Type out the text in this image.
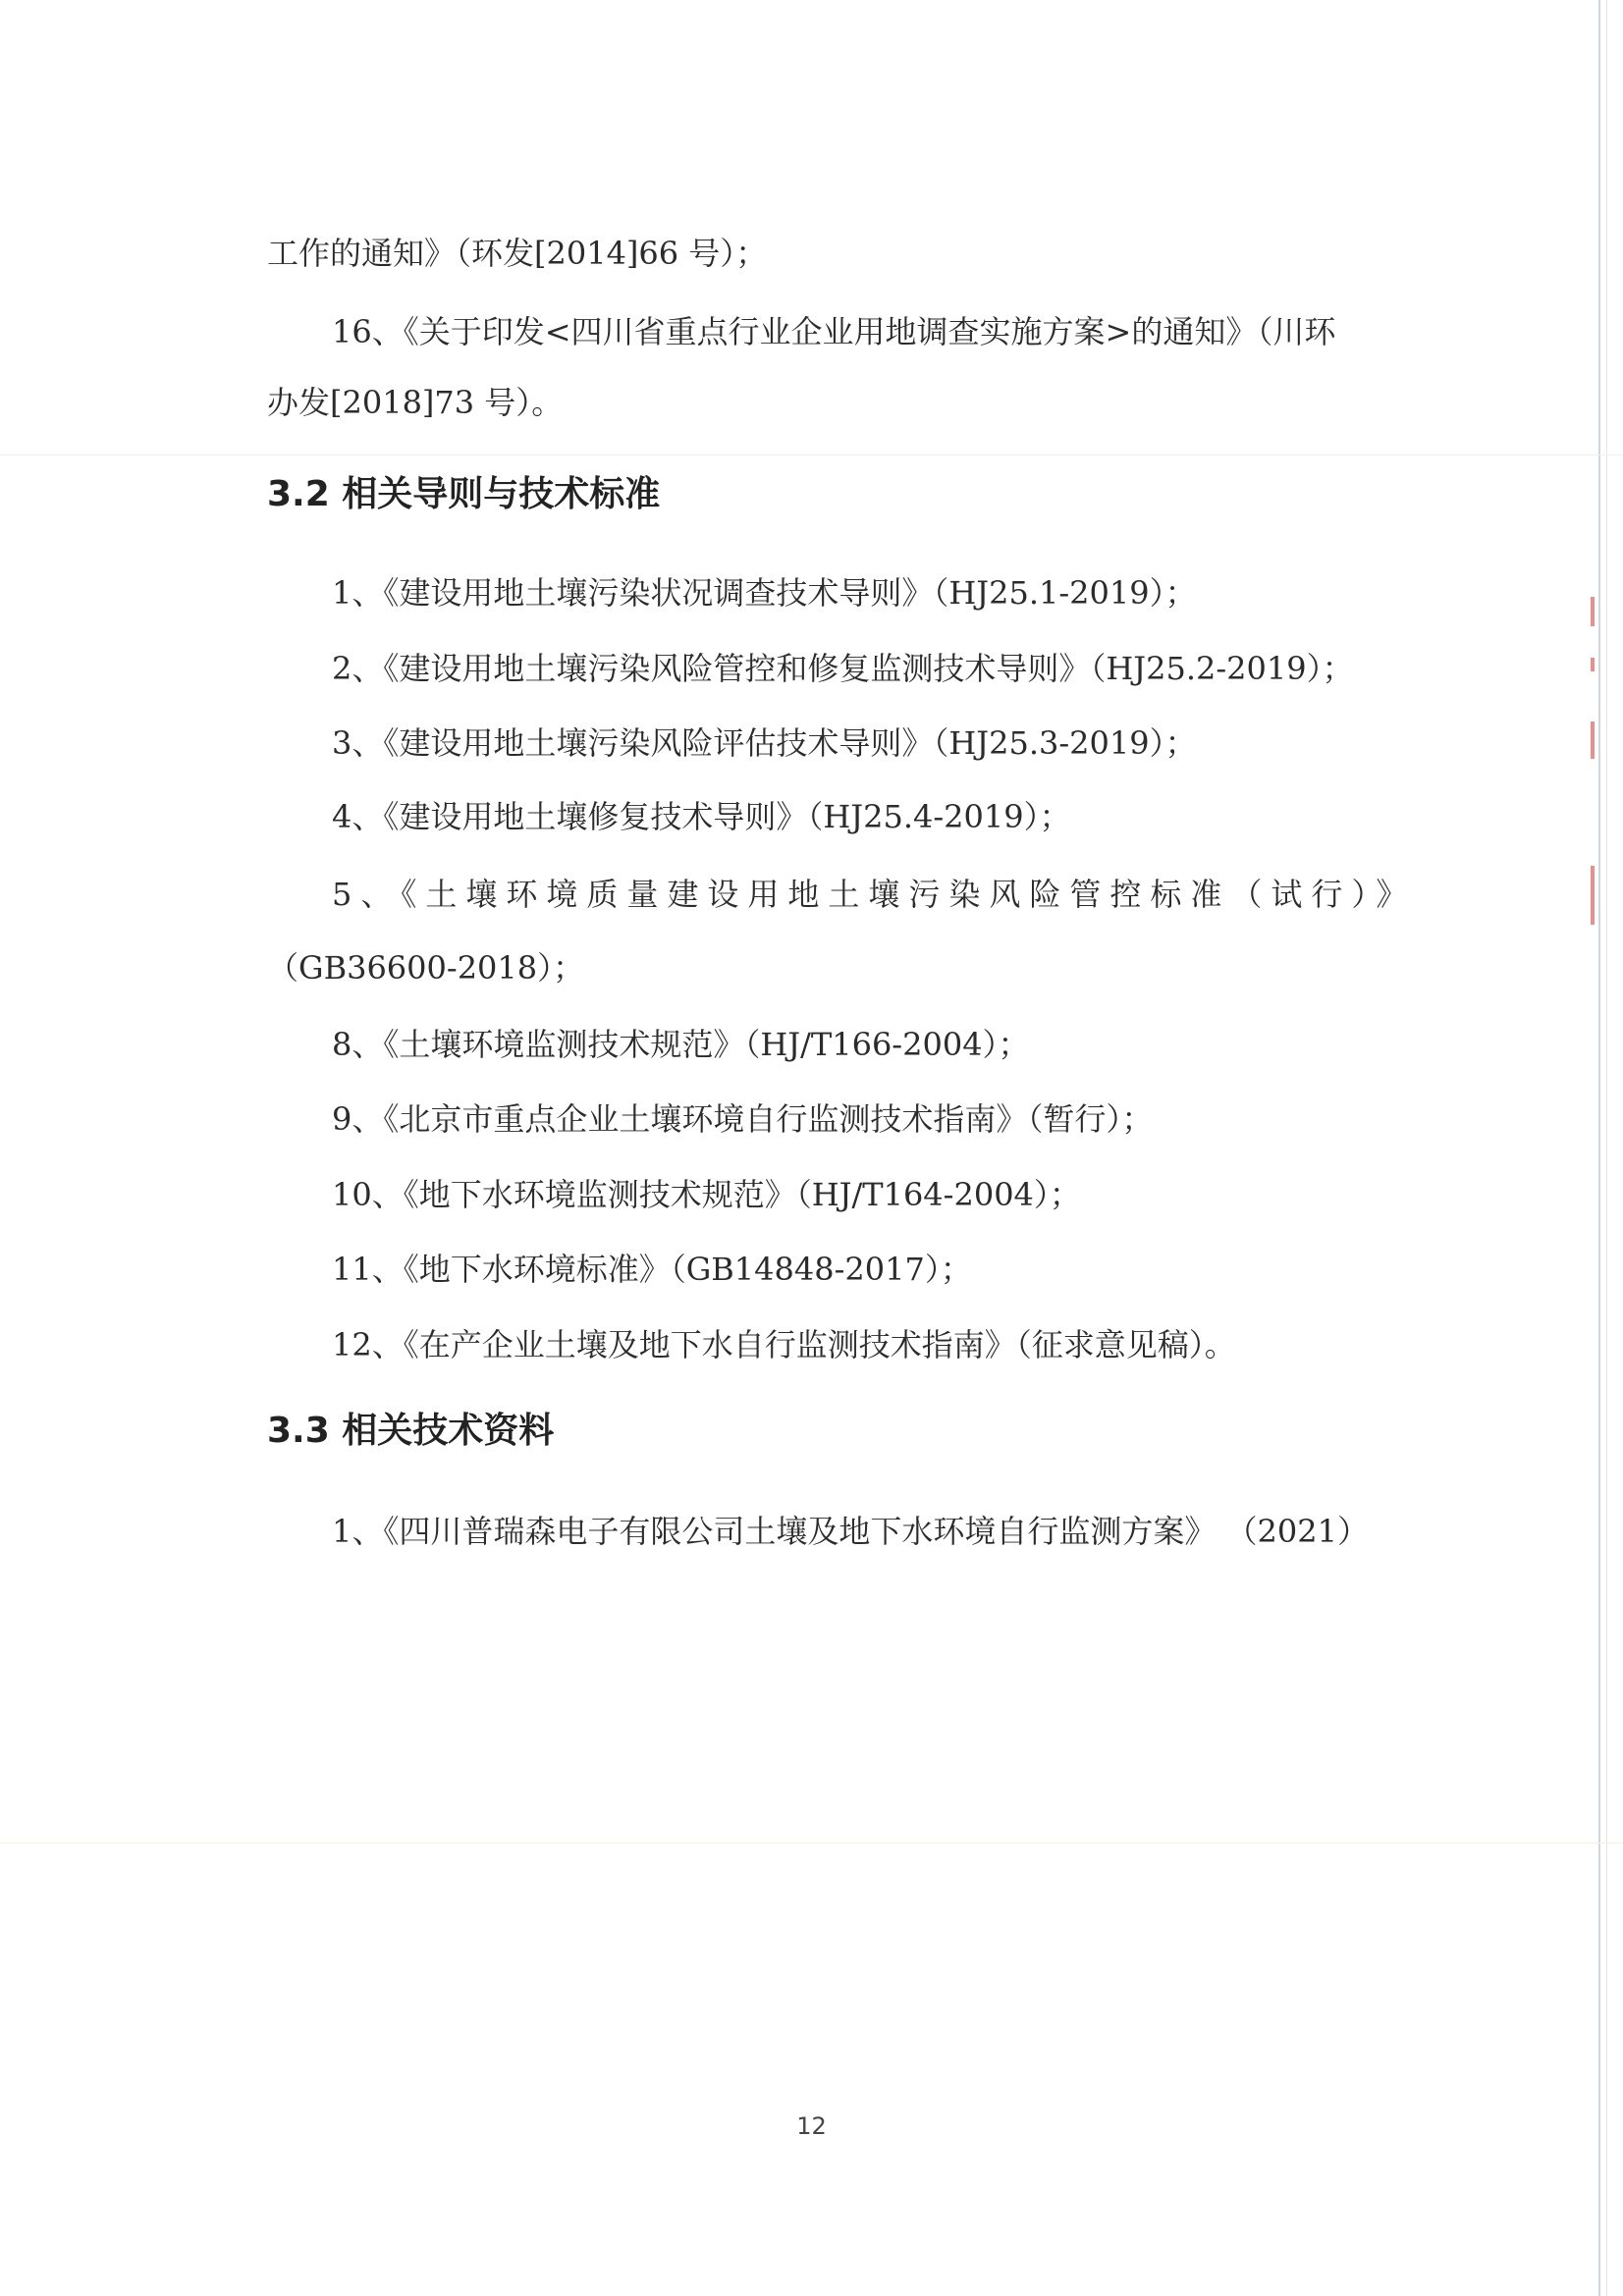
工作的通知》（环发[2014]66 号）；
16、《关于印发<四川省重点行业企业用地调查实施方案>的通知》（川环
办发[2018]73 号）。
3.2 相关导则与技术标准
1、《建设用地土壤污染状况调查技术导则》（HJ25.1-2019）；
2、《建设用地土壤污染风险管控和修复监测技术导则》（HJ25.2-2019）；
3、《建设用地土壤污染风险评估技术导则》（HJ25.3-2019）；
4、《建设用地土壤修复技术导则》（HJ25.4-2019）；
5、《土壤环境质量建设用地土壤污染风险管控标准（试行）》
（GB36600-2018）；
8、《土壤环境监测技术规范》（HJ/T166-2004）；
9、《北京市重点企业土壤环境自行监测技术指南》（暂行）；
10、《地下水环境监测技术规范》（HJ/T164-2004）；
11、《地下水环境标准》（GB14848-2017）；
12、《在产企业土壤及地下水自行监测技术指南》（征求意见稿）。
3.3 相关技术资料
1、《四川普瑞森电子有限公司土壤及地下水环境自行监测方案》 （2021）
12
